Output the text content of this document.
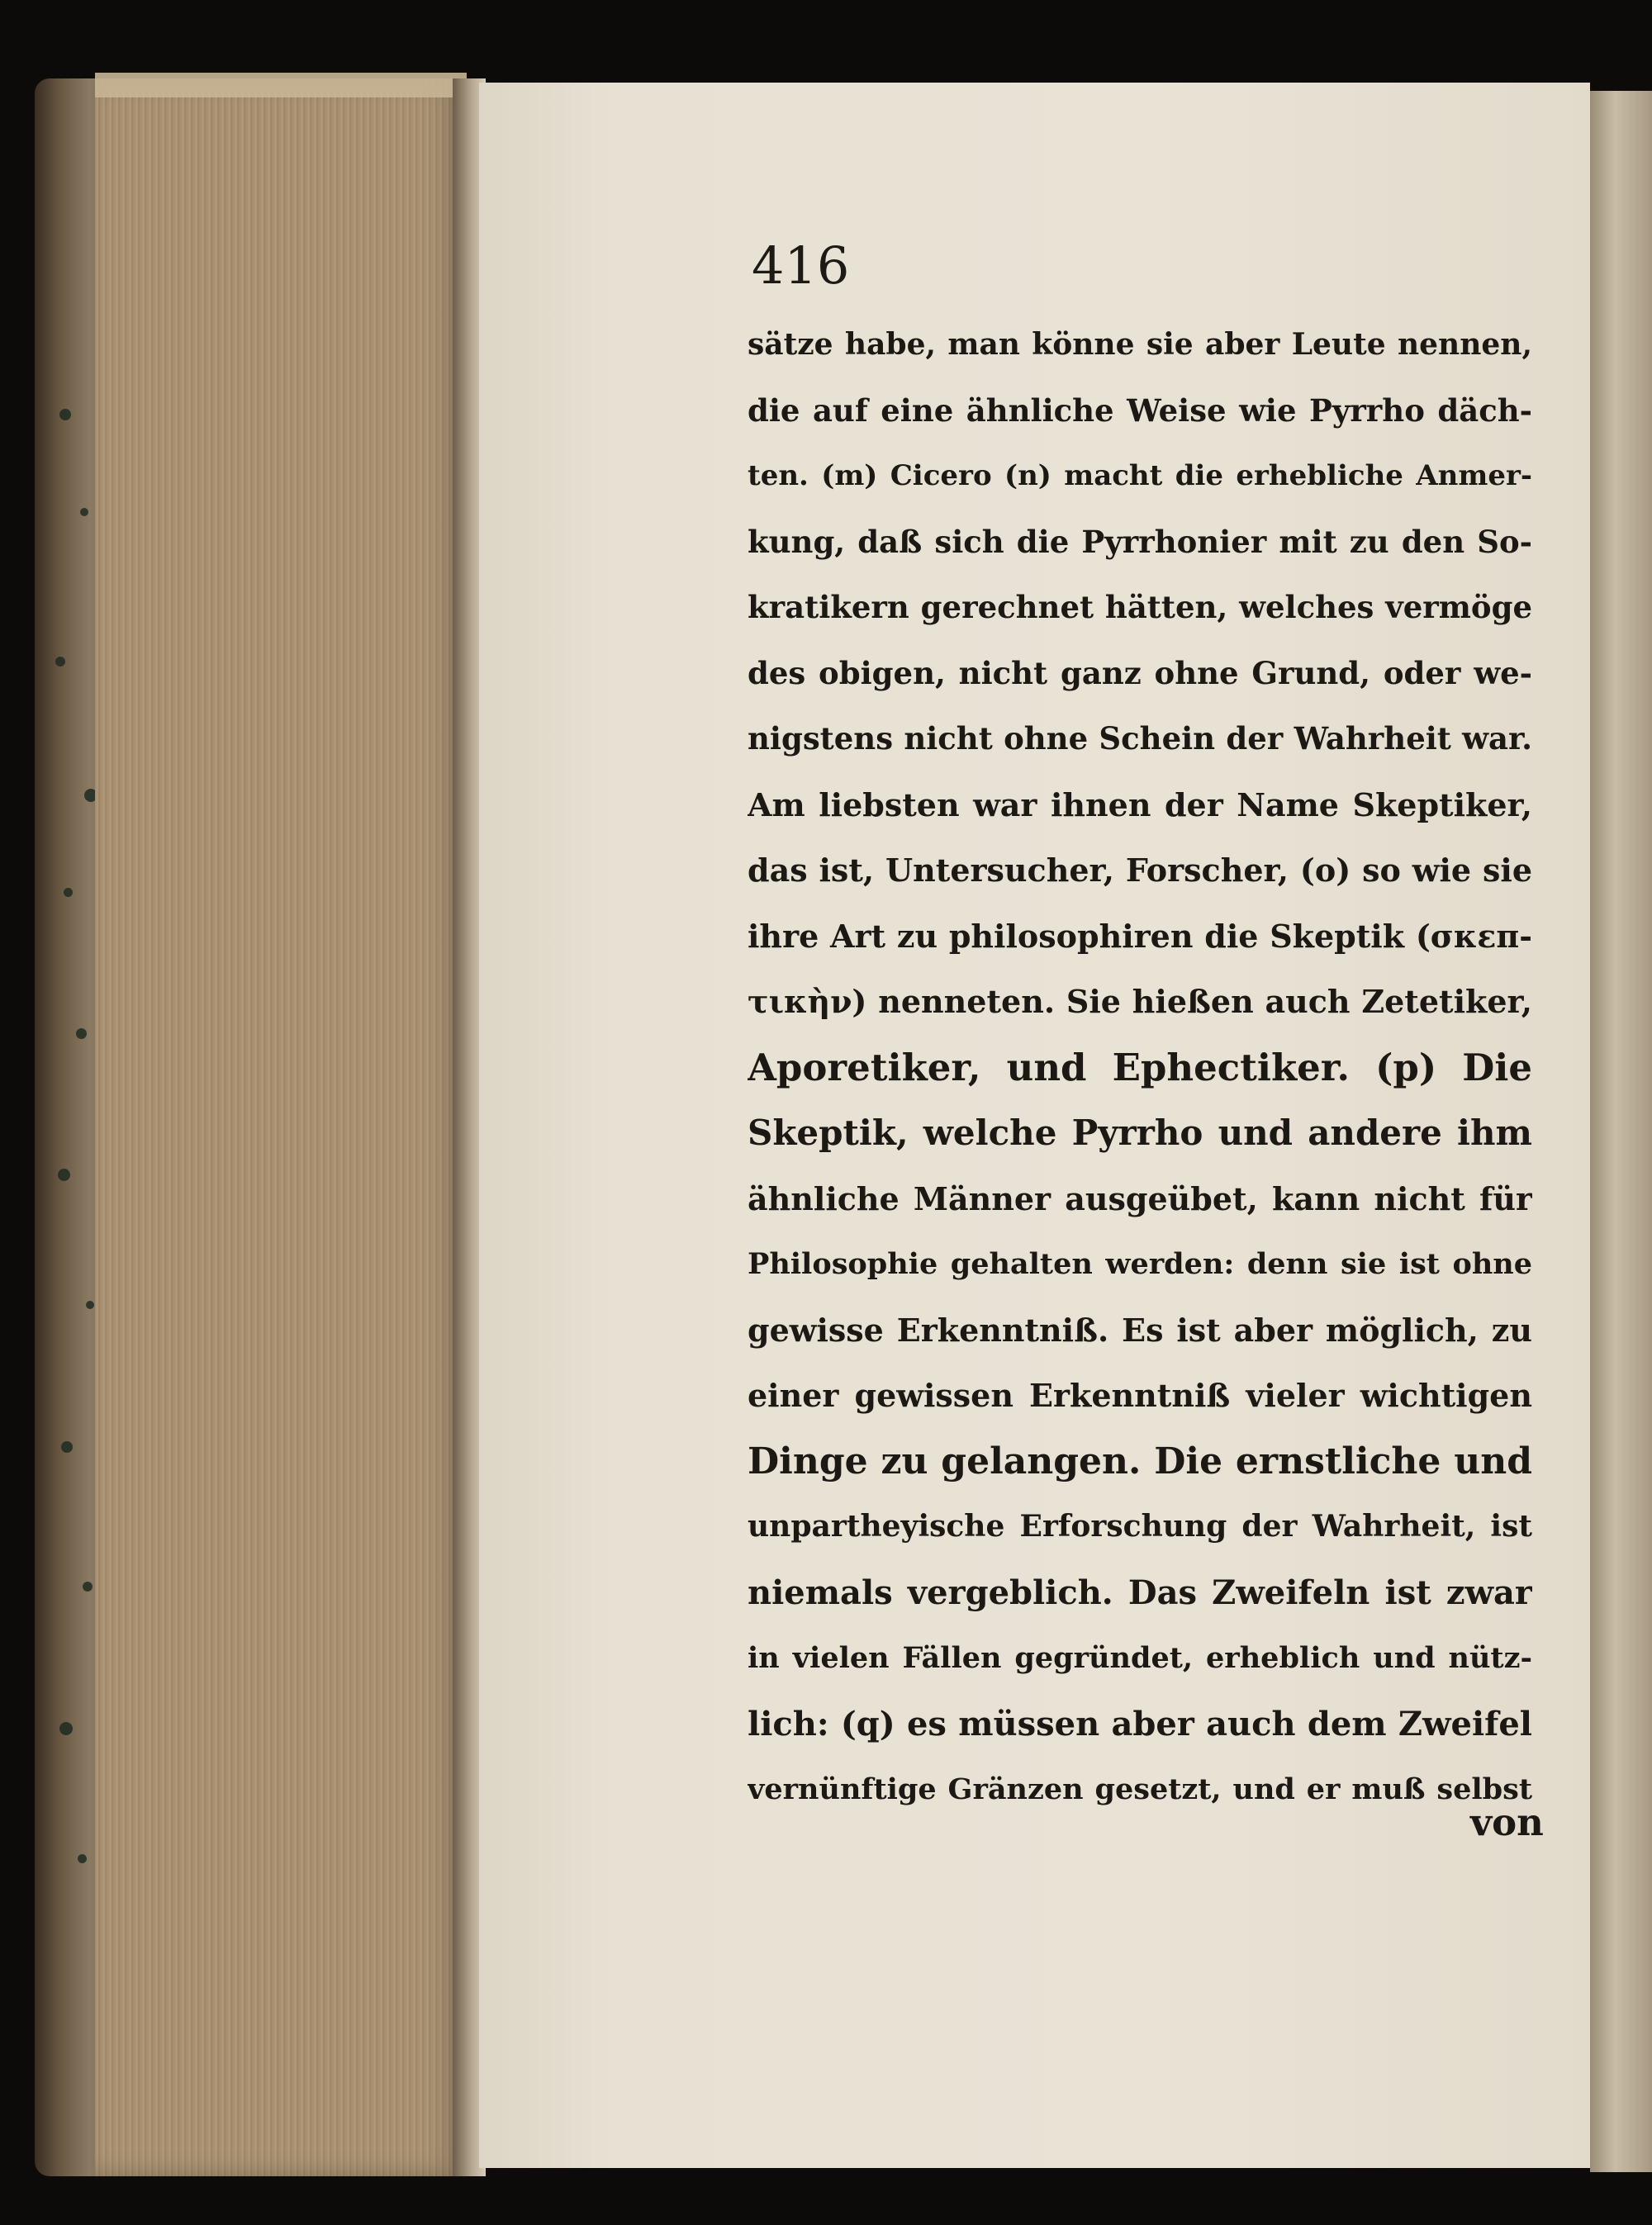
416
sätze habe, man könne sie aber Leute nennen,
die auf eine ähnliche Weise wie Pyrrho däch-
ten. (m) Cicero (n) macht die erhebliche Anmer-
kung, daß sich die Pyrrhonier mit zu den So-
kratikern gerechnet hätten, welches vermöge
des obigen, nicht ganz ohne Grund, oder we-
nigstens nicht ohne Schein der Wahrheit war.
Am liebsten war ihnen der Name Skeptiker,
das ist, Untersucher, Forscher, (o) so wie sie
ihre Art zu philosophiren die Skeptik (σκεπ-
τικὴν) nenneten. Sie hießen auch Zetetiker,
Aporetiker, und Ephectiker. (p) Die
Skeptik, welche Pyrrho und andere ihm
ähnliche Männer ausgeübet, kann nicht für
Philosophie gehalten werden: denn sie ist ohne
gewisse Erkenntniß. Es ist aber möglich, zu
einer gewissen Erkenntniß vieler wichtigen
Dinge zu gelangen. Die ernstliche und
unpartheyische Erforschung der Wahrheit, ist
niemals vergeblich. Das Zweifeln ist zwar
in vielen Fällen gegründet, erheblich und nütz-
lich: (q) es müssen aber auch dem Zweifel
vernünftige Gränzen gesetzt, und er muß selbst
von
